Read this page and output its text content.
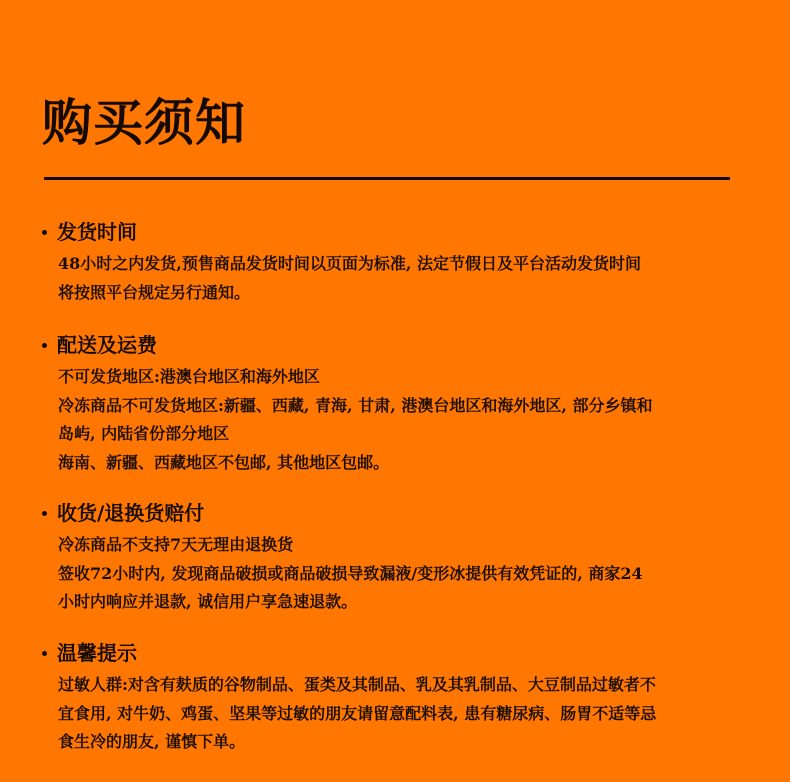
购买须知
发货时间
48小时之内发货,预售商品发货时间以页面为标准, 法定节假日及平台活动发货时间
将按照平台规定另行通知。
配送及运费
不可发货地区:港澳台地区和海外地区
冷冻商品不可发货地区:新疆、西藏, 青海, 甘肃, 港澳台地区和海外地区, 部分乡镇和
岛屿, 内陆省份部分地区
海南、新疆、西藏地区不包邮, 其他地区包邮。
收货/退换货赔付
冷冻商品不支持7天无理由退换货
签收72小时内, 发现商品破损或商品破损导致漏液/变形冰提供有效凭证的, 商家24
小时内响应并退款, 诚信用户享急速退款。
温馨提示
过敏人群:对含有麸质的谷物制品、蛋类及其制品、乳及其乳制品、大豆制品过敏者不
宜食用, 对牛奶、鸡蛋、坚果等过敏的朋友请留意配料表, 患有糖尿病、肠胃不适等忌
食生冷的朋友, 谨慎下单。
